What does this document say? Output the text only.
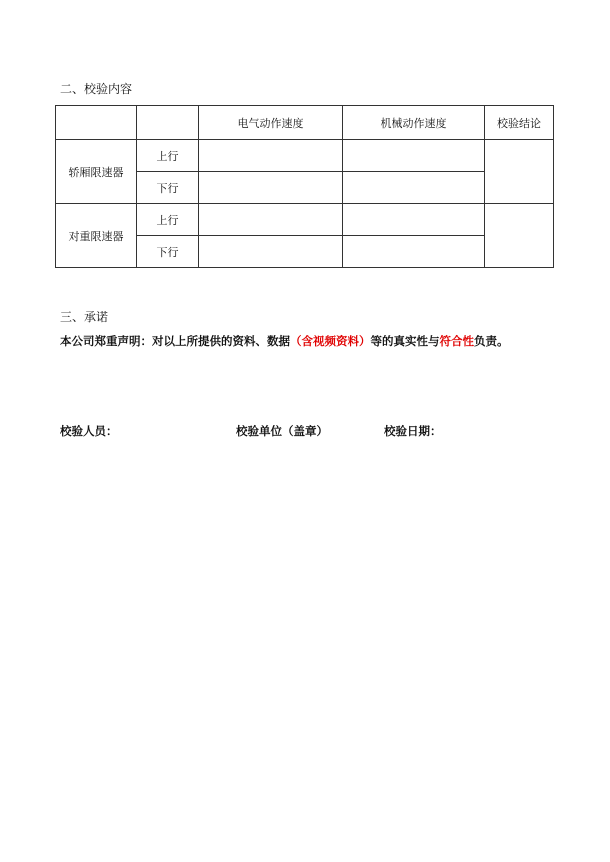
二、校验内容
		电气动作速度	机械动作速度	校验结论
轿厢限速器	上行			
	下行			
对重限速器	上行			
	下行			
三、承诺
本公司郑重声明：对以上所提供的资料、数据（含视频资料）等的真实性与符合性负责。
校验人员：	校验单位（盖章）	校验日期：
